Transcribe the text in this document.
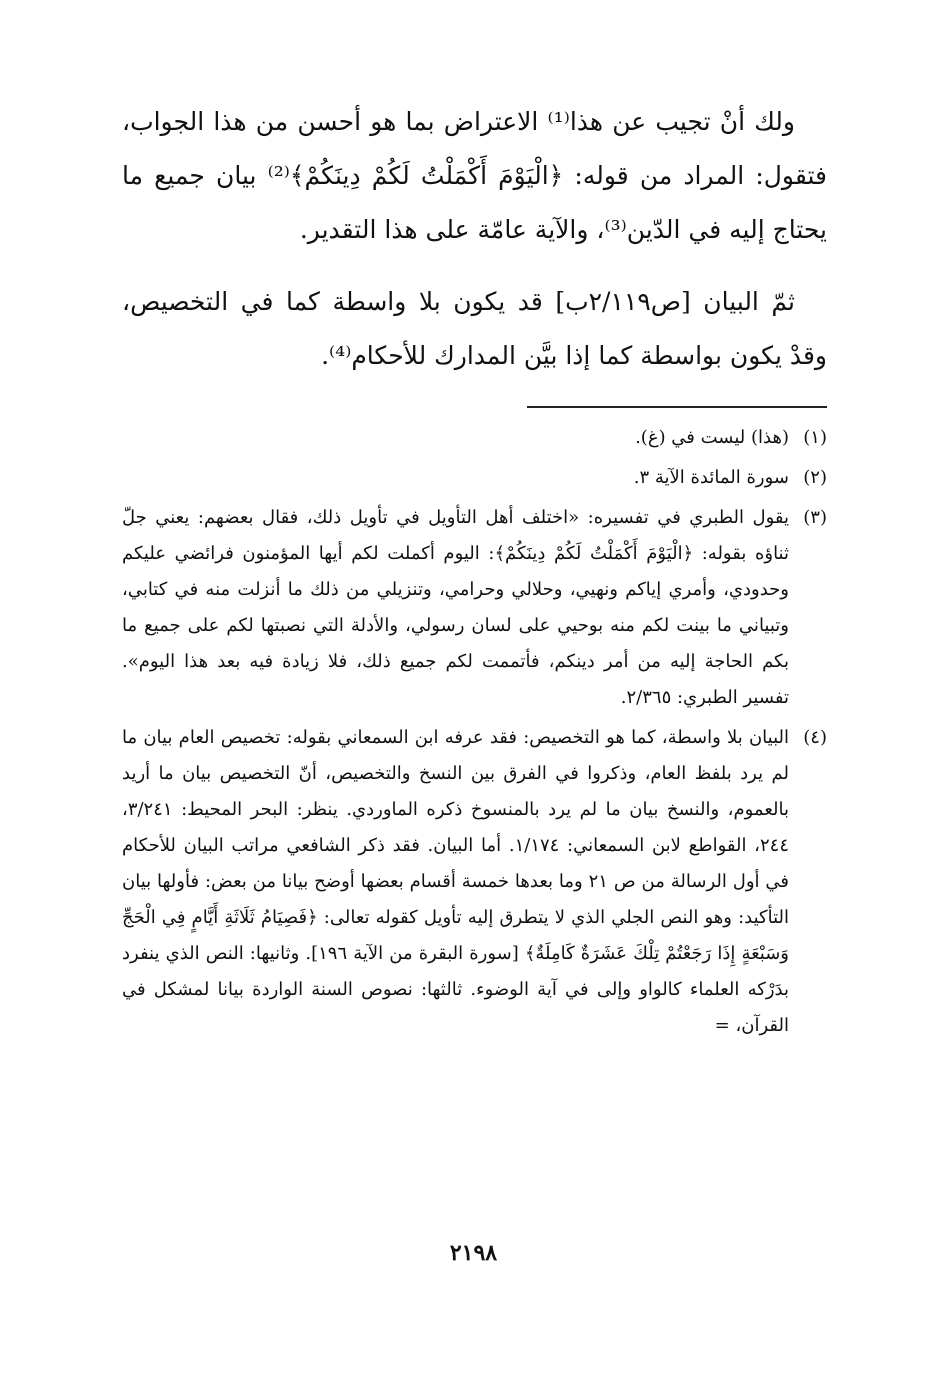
ولك أنْ تجيب عن هذا⁽¹⁾ الاعتراض بما هو أحسن من هذا الجواب، فتقول: المراد من قوله: ﴿الْيَوْمَ أَكْمَلْتُ لَكُمْ دِينَكُمْ﴾⁽²⁾ بيان جميع ما يحتاج إليه في الدّين⁽³⁾، والآية عامّة على هذا التقدير.

ثمّ البيان [ص٢/١١٩ب] قد يكون بلا واسطة كما في التخصيص، وقدْ يكون بواسطة كما إذا بيَّن المدارك للأحكام⁽⁴⁾.

(١)
(هذا) ليست في (غ).
(٢)
سورة المائدة الآية ٣.
(٣)
يقول الطبري في تفسيره: «اختلف أهل التأويل في تأويل ذلك، فقال بعضهم: يعني جلّ ثناؤه بقوله: ﴿الْيَوْمَ أَكْمَلْتُ لَكُمْ دِينَكُمْ﴾: اليوم أكملت لكم أيها المؤمنون فرائضي عليكم وحدودي، وأمري إياكم ونهيي، وحلالي وحرامي، وتنزيلي من ذلك ما أنزلت منه في كتابي، وتبياني ما بينت لكم منه بوحيي على لسان رسولي، والأدلة التي نصبتها لكم على جميع ما بكم الحاجة إليه من أمر دينكم، فأتممت لكم جميع ذلك، فلا زيادة فيه بعد هذا اليوم». تفسير الطبري: ٢/٣٦٥.
(٤)
البيان بلا واسطة، كما هو التخصيص: فقد عرفه ابن السمعاني بقوله: تخصيص العام بيان ما لم يرد بلفظ العام، وذكروا في الفرق بين النسخ والتخصيص، أنّ التخصيص بيان ما أريد بالعموم، والنسخ بيان ما لم يرد بالمنسوخ ذكره الماوردي. ينظر: البحر المحيط: ٣/٢٤١، ٢٤٤، القواطع لابن السمعاني: ١/١٧٤. أما البيان. فقد ذكر الشافعي مراتب البيان للأحكام في أول الرسالة من ص ٢١ وما بعدها خمسة أقسام بعضها أوضح بيانا من بعض: فأولها بيان التأكيد: وهو النص الجلي الذي لا يتطرق إليه تأويل كقوله تعالى: ﴿فَصِيَامُ ثَلَاثَةِ أَيَّامٍ فِي الْحَجِّ وَسَبْعَةٍ إِذَا رَجَعْتُمْ تِلْكَ عَشَرَةٌ كَامِلَةٌ﴾ [سورة البقرة من الآية ١٩٦]. وثانيها: النص الذي ينفرد بدَرْكه العلماء كالواو وإلى في آية الوضوء. ثالثها: نصوص السنة الواردة بيانا لمشكل في القرآن، =
٢١٩٨
